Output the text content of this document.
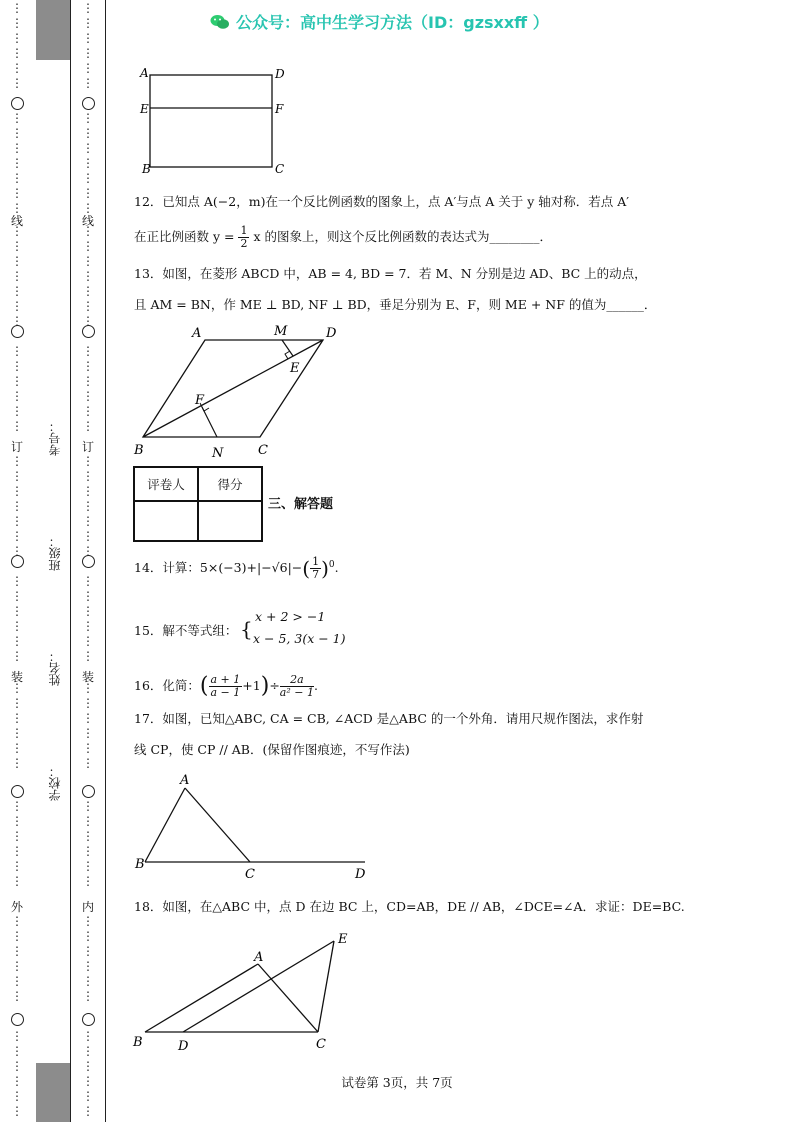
⋮
⋮
⋮
⋮
⋮
⋮
⋮
⋮
⋮
⋮
⋮
⋮
⋮
⋮
⋮
⋮
⋮
⋮
⋮
⋮
⋮
⋮
⋮
⋮
⋮
⋮
⋮
⋮
⋮
⋮
⋮
⋮
⋮
⋮
⋮
⋮
⋮
⋮
⋮
⋮
⋮
⋮
⋮
⋮
⋮
⋮
⋮
⋮
⋮
⋮
⋮
⋮
⋮
⋮
⋮
⋮
⋮
⋮
⋮
⋮
⋮
⋮
⋮
⋮
⋮
⋮
⋮
⋮
⋮
⋮
⋮
⋮
⋮
⋮
⋮
⋮
⋮
⋮
⋮
⋮
⋮
⋮
⋮
⋮
⋮
⋮
⋮
⋮
⋮
⋮
⋮
⋮
⋮
⋮
⋮
⋮
⋮
⋮
⋮
⋮
⋮
⋮
⋮
⋮
⋮
⋮
⋮
⋮
⋮
⋮
⋮
⋮
⋮
⋮
⋮
⋮
⋮
⋮
⋮
⋮
⋮
⋮
⋮
⋮
⋮
⋮
线	线
订	订
装	装
外	内
考号：
班级：
姓名：
学校：
公众号：高中生学习方法（ID：gzsxxff ）
A	D
E	F
B	C
12．已知点 A(−2，m)在一个反比例函数的图象上，点 A′与点 A 关于 y 轴对称．若点 A′
在正比例函数 $y = \frac{1}{2}$ x 的图象上，则这个反比例函数的表达式为________．
13．如图，在菱形 ABCD 中，AB = 4, BD = 7．若 M、N 分别是边 AD、BC 上的动点，
且 AM = BN，作 ME ⊥ BD, NF ⊥ BD，垂足分别为 E、F，则 ME + NF 的值为______．
A	M	D
E
F
B	N	C
评卷人	得分

三、解答题
14．计算：$5\times(-3)+|-√6|-( \frac{1}{7} )^0$.
15．解不等式组： {
x + 2 > −1
x − 5, 3(x − 1)
16．化简：( $\frac{a + 1}{a - 1} +1)\div \frac{2a}{\text{a² − 1}}$ .
17．如图，已知△ABC, CA = CB, ∠ACD 是△ABC 的一个外角．请用尺规作图法，求作射
线 CP，使 CP // AB．(保留作图痕迹，不写作法)
A
B
C	D
18．如图，在△ABC 中，点 D 在边 BC 上，CD=AB，DE // AB，∠DCE=∠A．求证：DE=BC.
E
A
B	D	C
试卷第 3页，共 7页
